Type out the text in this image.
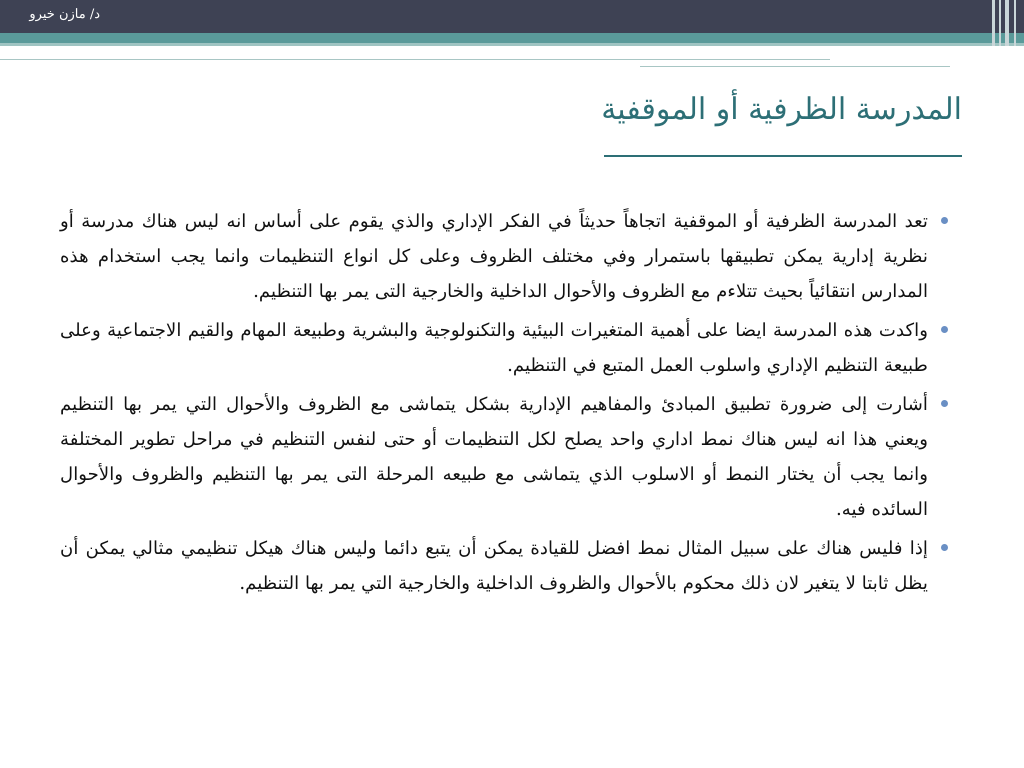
د/ مازن خيرو
المدرسة الظرفية أو الموقفية
تعد المدرسة الظرفية أو الموقفية اتجاهاً حديثاً في الفكر الإداري والذي يقوم على أساس انه ليس هناك مدرسة أو نظرية إدارية يمكن تطبيقها باستمرار وفي مختلف الظروف وعلى كل انواع التنظيمات وانما يجب استخدام هذه المدارس انتقائياً بحيث تتلاءم مع الظروف والأحوال الداخلية والخارجية التى يمر بها التنظيم.
واكدت هذه المدرسة ايضا على أهمية المتغيرات البيئية والتكنولوجية والبشرية وطبيعة المهام والقيم الاجتماعية وعلى طبيعة التنظيم الإداري واسلوب العمل المتبع في التنظيم.
أشارت إلى ضرورة تطبيق المبادئ والمفاهيم الإدارية بشكل يتماشى مع الظروف والأحوال التي يمر بها التنظيم ويعني هذا انه ليس هناك نمط اداري واحد يصلح لكل التنظيمات أو حتى لنفس التنظيم في مراحل تطوير المختلفة وانما يجب أن يختار النمط أو الاسلوب الذي يتماشى مع طبيعه المرحلة التى يمر بها التنظيم والظروف والأحوال السائده فيه.
إذا فليس هناك على سبيل المثال نمط افضل للقيادة يمكن أن يتبع دائما وليس هناك هيكل تنظيمي مثالي يمكن أن يظل ثابتا لا يتغير لان ذلك محكوم بالأحوال والظروف الداخلية والخارجية التي يمر بها التنظيم.
